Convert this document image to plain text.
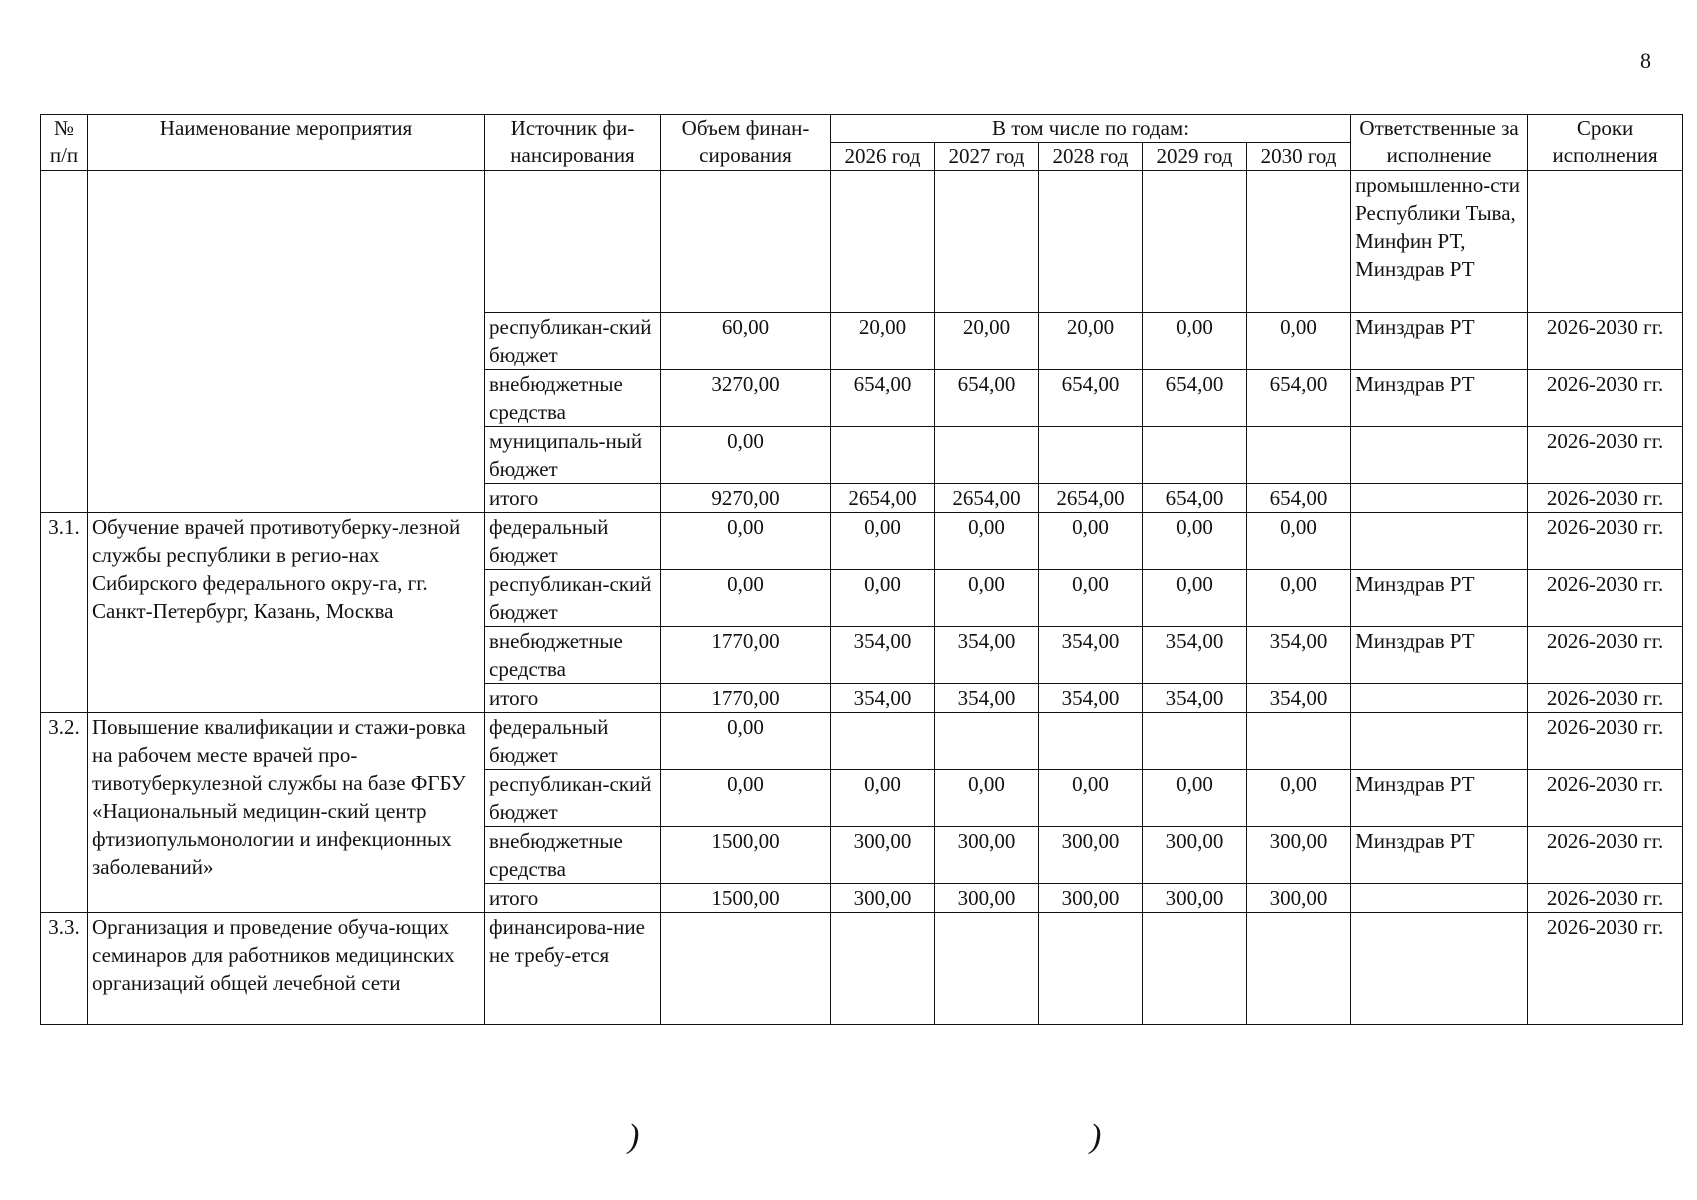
8
№ п/п	Наименование мероприятия	Источник фи-нансирования	Объем финан-сирования	В том числе по годам:					Ответственные за исполнение	Сроки исполнения
				2026 год	2027 год	2028 год	2029 год	2030 год		
									промышленно-сти Республики Тыва, Минфин РТ, Минздрав РТ	
		республикан-ский бюджет	60,00	20,00	20,00	20,00	0,00	0,00	Минздрав РТ	2026-2030 гг.
		внебюджетные средства	3270,00	654,00	654,00	654,00	654,00	654,00	Минздрав РТ	2026-2030 гг.
		муниципаль-ный бюджет	0,00							2026-2030 гг.
		итого	9270,00	2654,00	2654,00	2654,00	654,00	654,00		2026-2030 гг.
3.1.	Обучение врачей противотуберку-лезной службы республики в регио-нах Сибирского федерального окру-га, гг. Санкт-Петербург, Казань, Москва	федеральный бюджет	0,00	0,00	0,00	0,00	0,00	0,00		2026-2030 гг.
		республикан-ский бюджет	0,00	0,00	0,00	0,00	0,00	0,00	Минздрав РТ	2026-2030 гг.
		внебюджетные средства	1770,00	354,00	354,00	354,00	354,00	354,00	Минздрав РТ	2026-2030 гг.
		итого	1770,00	354,00	354,00	354,00	354,00	354,00		2026-2030 гг.
3.2.	Повышение квалификации и стажи-ровка на рабочем месте врачей про-тивотуберкулезной службы на базе ФГБУ «Национальный медицин-ский центр фтизиопульмонологии и инфекционных заболеваний»	федеральный бюджет	0,00							2026-2030 гг.
		республикан-ский бюджет	0,00	0,00	0,00	0,00	0,00	0,00	Минздрав РТ	2026-2030 гг.
		внебюджетные средства	1500,00	300,00	300,00	300,00	300,00	300,00	Минздрав РТ	2026-2030 гг.
		итого	1500,00	300,00	300,00	300,00	300,00	300,00		2026-2030 гг.
3.3.	Организация и проведение обуча-ющих семинаров для работников медицинских организаций общей лечебной сети	финансирова-ние не требу-ется								2026-2030 гг.
)	)
